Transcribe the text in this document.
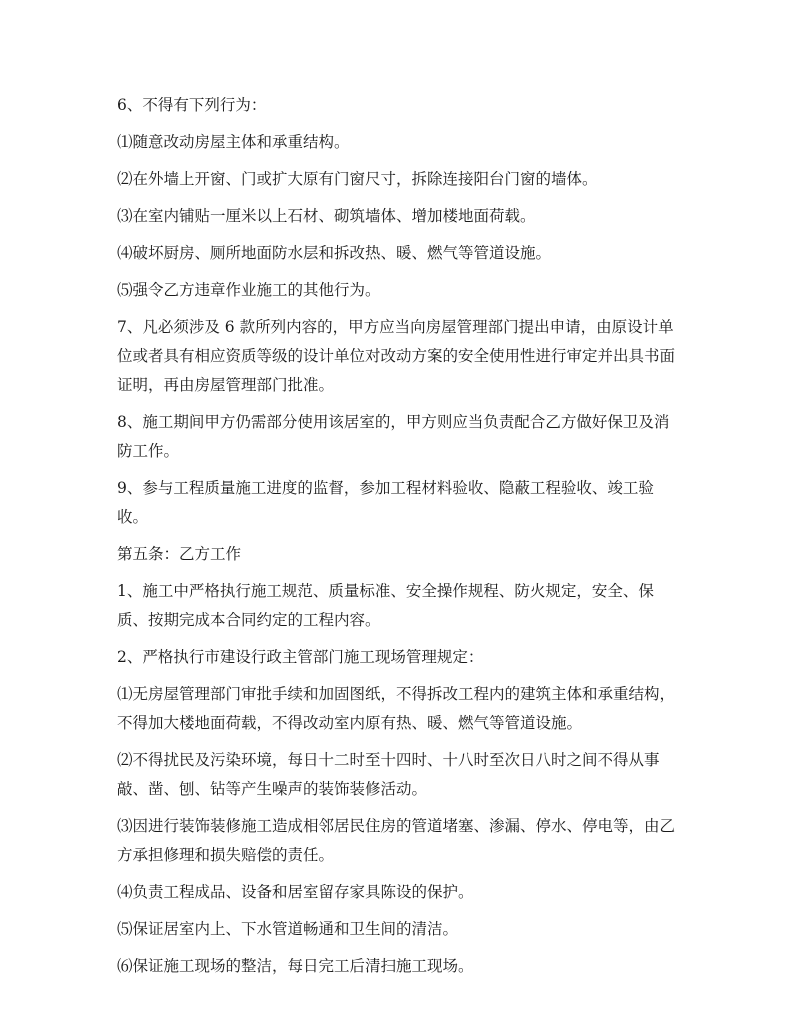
6、不得有下列行为：

⑴随意改动房屋主体和承重结构。

⑵在外墙上开窗、门或扩大原有门窗尺寸，拆除连接阳台门窗的墙体。

⑶在室内铺贴一厘米以上石材、砌筑墙体、增加楼地面荷载。

⑷破坏厨房、厕所地面防水层和拆改热、暖、燃气等管道设施。

⑸强令乙方违章作业施工的其他行为。

7、凡必须涉及 6 款所列内容的，甲方应当向房屋管理部门提出申请，由原设计单位或者具有相应资质等级的设计单位对改动方案的安全使用性进行审定并出具书面证明，再由房屋管理部门批准。

8、施工期间甲方仍需部分使用该居室的，甲方则应当负责配合乙方做好保卫及消防工作。

9、参与工程质量施工进度的监督，参加工程材料验收、隐蔽工程验收、竣工验收。

第五条：乙方工作

1、施工中严格执行施工规范、质量标准、安全操作规程、防火规定，安全、保质、按期完成本合同约定的工程内容。

2、严格执行市建设行政主管部门施工现场管理规定：

⑴无房屋管理部门审批手续和加固图纸，不得拆改工程内的建筑主体和承重结构，不得加大楼地面荷载，不得改动室内原有热、暖、燃气等管道设施。

⑵不得扰民及污染环境，每日十二时至十四时、十八时至次日八时之间不得从事敲、凿、刨、钻等产生噪声的装饰装修活动。

⑶因进行装饰装修施工造成相邻居民住房的管道堵塞、渗漏、停水、停电等，由乙方承担修理和损失赔偿的责任。

⑷负责工程成品、设备和居室留存家具陈设的保护。

⑸保证居室内上、下水管道畅通和卫生间的清洁。

⑹保证施工现场的整洁，每日完工后清扫施工现场。
